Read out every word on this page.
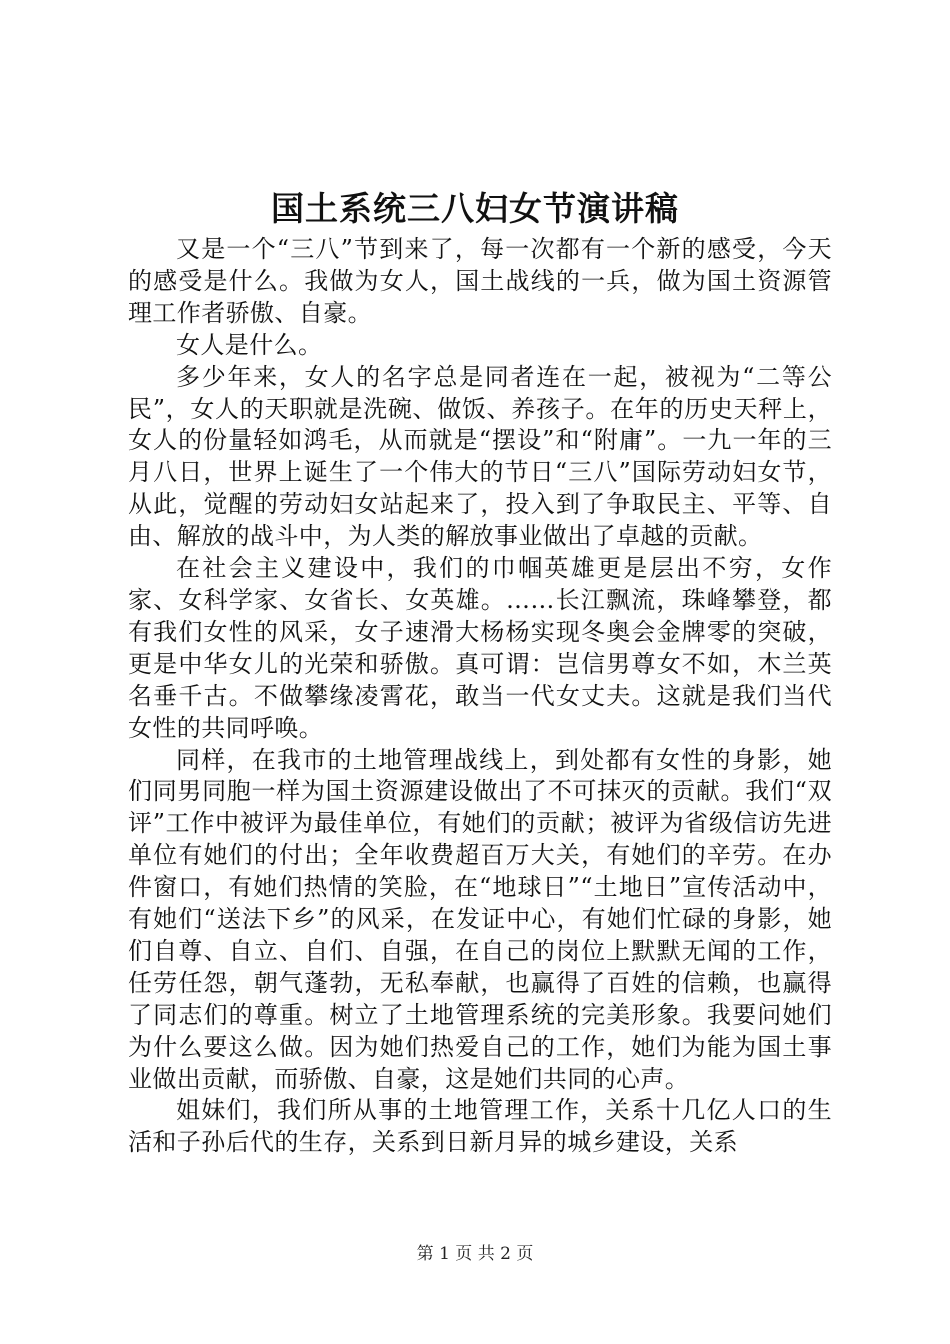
国土系统三八妇女节演讲稿

又是一个“三八”节到来了，每一次都有一个新的感受，今天的感受是什么。我做为女人，国土战线的一兵，做为国土资源管理工作者骄傲、自豪。

女人是什么。

多少年来，女人的名字总是同者连在一起，被视为“二等公民”，女人的天职就是洗碗、做饭、养孩子。在年的历史天秤上，女人的份量轻如鸿毛，从而就是“摆设”和“附庸”。一九一年的三月八日，世界上诞生了一个伟大的节日“三八”国际劳动妇女节，从此，觉醒的劳动妇女站起来了，投入到了争取民主、平等、自由、解放的战斗中，为人类的解放事业做出了卓越的贡献。

在社会主义建设中，我们的巾帼英雄更是层出不穷，女作家、女科学家、女省长、女英雄。……长江飘流，珠峰攀登，都有我们女性的风采，女子速滑大杨杨实现冬奥会金牌零的突破，更是中华女儿的光荣和骄傲。真可谓：岂信男尊女不如，木兰英名垂千古。不做攀缘凌霄花，敢当一代女丈夫。这就是我们当代女性的共同呼唤。

同样，在我市的土地管理战线上，到处都有女性的身影，她们同男同胞一样为国土资源建设做出了不可抹灭的贡献。我们“双评”工作中被评为最佳单位，有她们的贡献；被评为省级信访先进单位有她们的付出；全年收费超百万大关，有她们的辛劳。在办件窗口，有她们热情的笑脸，在“地球日”“土地日”宣传活动中，有她们“送法下乡”的风采，在发证中心，有她们忙碌的身影，她们自尊、自立、自们、自强，在自己的岗位上默默无闻的工作，任劳任怨，朝气蓬勃，无私奉献，也赢得了百姓的信赖，也赢得了同志们的尊重。树立了土地管理系统的完美形象。我要问她们为什么要这么做。因为她们热爱自己的工作，她们为能为国土事业做出贡献，而骄傲、自豪，这是她们共同的心声。

姐妹们，我们所从事的土地管理工作，关系十几亿人口的生活和子孙后代的生存，关系到日新月异的城乡建设，关系

第 1 页 共 2 页
